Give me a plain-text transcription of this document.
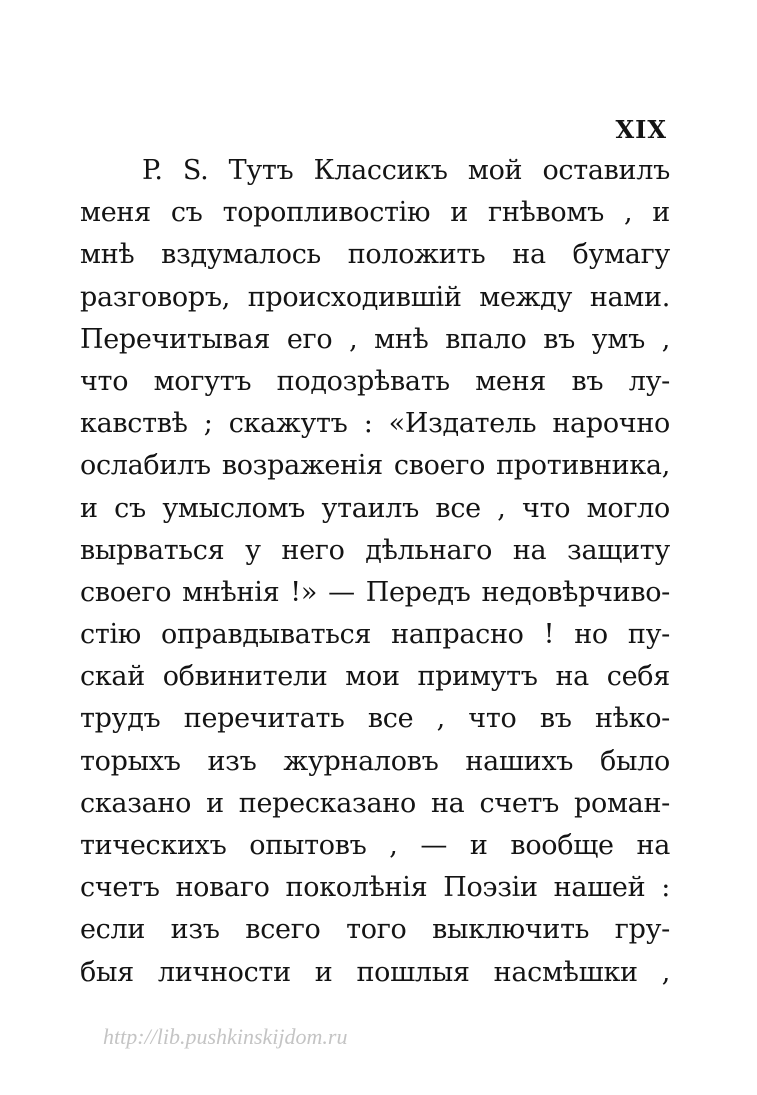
XIX
P. S. Тутъ Классикъ мой оставилъ
меня съ торопливостію и гнѣвомъ , и
мнѣ вздумалось положить на бумагу
разговоръ, происходившій между нами.
Перечитывая его , мнѣ впало въ умъ ,
что могутъ подозрѣвать меня въ лу-
кавствѣ ; скажутъ : «Издатель нарочно
ослабилъ возраженія своего противника,
и съ умысломъ утаилъ все , что могло
вырваться у него дѣльнаго на защиту
своего мнѣнія !» — Передъ недовѣрчиво-
стію оправдываться напрасно ! но пу-
скай обвинители мои примутъ на себя
трудъ перечитать все , что въ нѣко-
торыхъ изъ журналовъ нашихъ было
сказано и пересказано на счетъ роман-
тическихъ опытовъ , — и вообще на
счетъ новаго поколѣнія Поэзіи нашей :
если изъ всего того выключить гру-
быя личности и пошлыя насмѣшки ,
http://lib.pushkinskijdom.ru
